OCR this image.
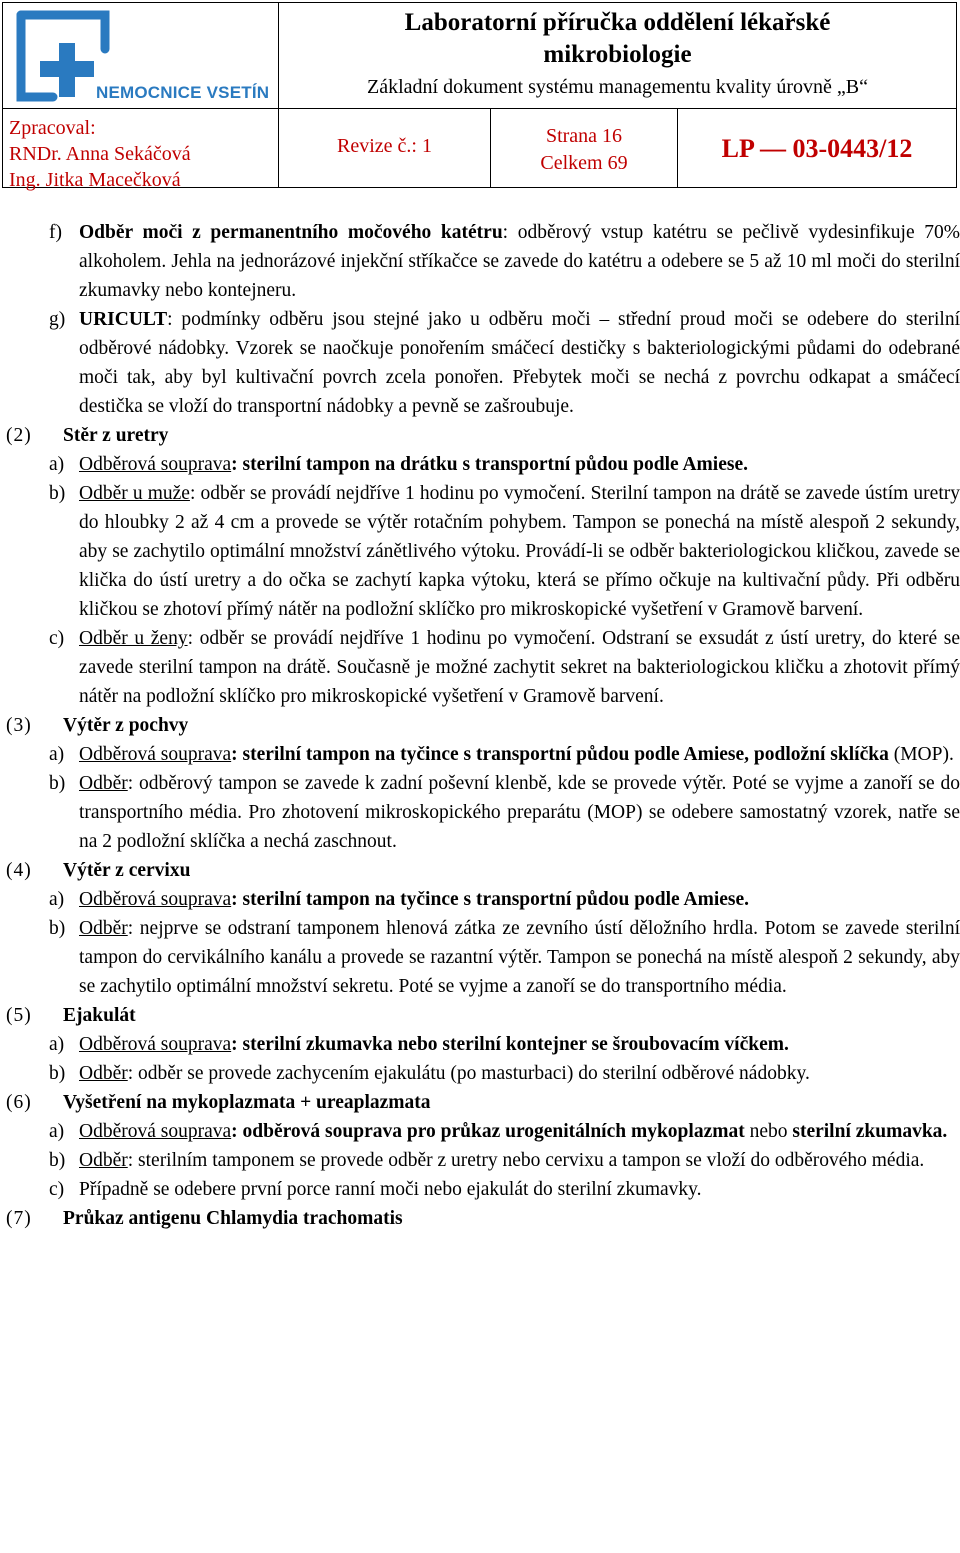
NEMOCNICE VSETÍN
Laboratorní příručka oddělení lékařské mikrobiologie
Základní dokument systému managementu kvality úrovně „B“
Zpracoval:
RNDr. Anna Sekáčová
Ing. Jitka Macečková
Revize č.: 1	Strana 16
Celkem 69	LP — 03-0443/12
f) Odběr moči z permanentního močového katétru: odběrový vstup katétru se pečlivě vydesinfikuje 70% alkoholem. Jehla na jednorázové injekční stříkačce se zavede do katétru a odebere se 5 až 10 ml moči do sterilní zkumavky nebo kontejneru.
g) URICULT: podmínky odběru jsou stejné jako u odběru moči – střední proud moči se odebere do sterilní odběrové nádobky. Vzorek se naočkuje ponořením smáčecí destičky s bakteriologickými půdami do odebrané moči tak, aby byl kultivační povrch zcela ponořen. Přebytek moči se nechá z povrchu odkapat a smáčecí destička se vloží do transportní nádobky a pevně se zašroubuje.
(2) Stěr z uretry
a) Odběrová souprava: sterilní tampon na drátku s transportní půdou podle Amiese.
b) Odběr u muže: odběr se provádí nejdříve 1 hodinu po vymočení. Sterilní tampon na drátě se zavede ústím uretry do hloubky 2 až 4 cm a provede se výtěr rotačním pohybem. Tampon se ponechá na místě alespoň 2 sekundy, aby se zachytilo optimální množství zánětlivého výtoku. Provádí-li se odběr bakteriologickou kličkou, zavede se klička do ústí uretry a do očka se zachytí kapka výtoku, která se přímo očkuje na kultivační půdy. Při odběru kličkou se zhotoví přímý nátěr na podložní sklíčko pro mikroskopické vyšetření v Gramově barvení.
c) Odběr u ženy: odběr se provádí nejdříve 1 hodinu po vymočení. Odstraní se exsudát z ústí uretry, do které se zavede sterilní tampon na drátě. Současně je možné zachytit sekret na bakteriologickou kličku a zhotovit přímý nátěr na podložní sklíčko pro mikroskopické vyšetření v Gramově barvení.
(3) Výtěr z pochvy
a) Odběrová souprava: sterilní tampon na tyčince s transportní půdou podle Amiese, podložní sklíčka (MOP).
b) Odběr: odběrový tampon se zavede k zadní poševní klenbě, kde se provede výtěr. Poté se vyjme a zanoří se do transportního média. Pro zhotovení mikroskopického preparátu (MOP) se odebere samostatný vzorek, natře se na 2 podložní sklíčka a nechá zaschnout.
(4) Výtěr z cervixu
a) Odběrová souprava: sterilní tampon na tyčince s transportní půdou podle Amiese.
b) Odběr: nejprve se odstraní tamponem hlenová zátka ze zevního ústí děložního hrdla. Potom se zavede sterilní tampon do cervikálního kanálu a provede se razantní výtěr. Tampon se ponechá na místě alespoň 2 sekundy, aby se zachytilo optimální množství sekretu. Poté se vyjme a zanoří se do transportního média.
(5) Ejakulát
a) Odběrová souprava: sterilní zkumavka nebo sterilní kontejner se šroubovacím víčkem.
b) Odběr: odběr se provede zachycením ejakulátu (po masturbaci) do sterilní odběrové nádobky.
(6) Vyšetření na mykoplazmata + ureaplazmata
a) Odběrová souprava: odběrová souprava pro průkaz urogenitálních mykoplazmat nebo sterilní zkumavka.
b) Odběr: sterilním tamponem se provede odběr z uretry nebo cervixu a tampon se vloží do odběrového média.
c) Případně se odebere první porce ranní moči nebo ejakulát do sterilní zkumavky.
(7) Průkaz antigenu Chlamydia trachomatis
